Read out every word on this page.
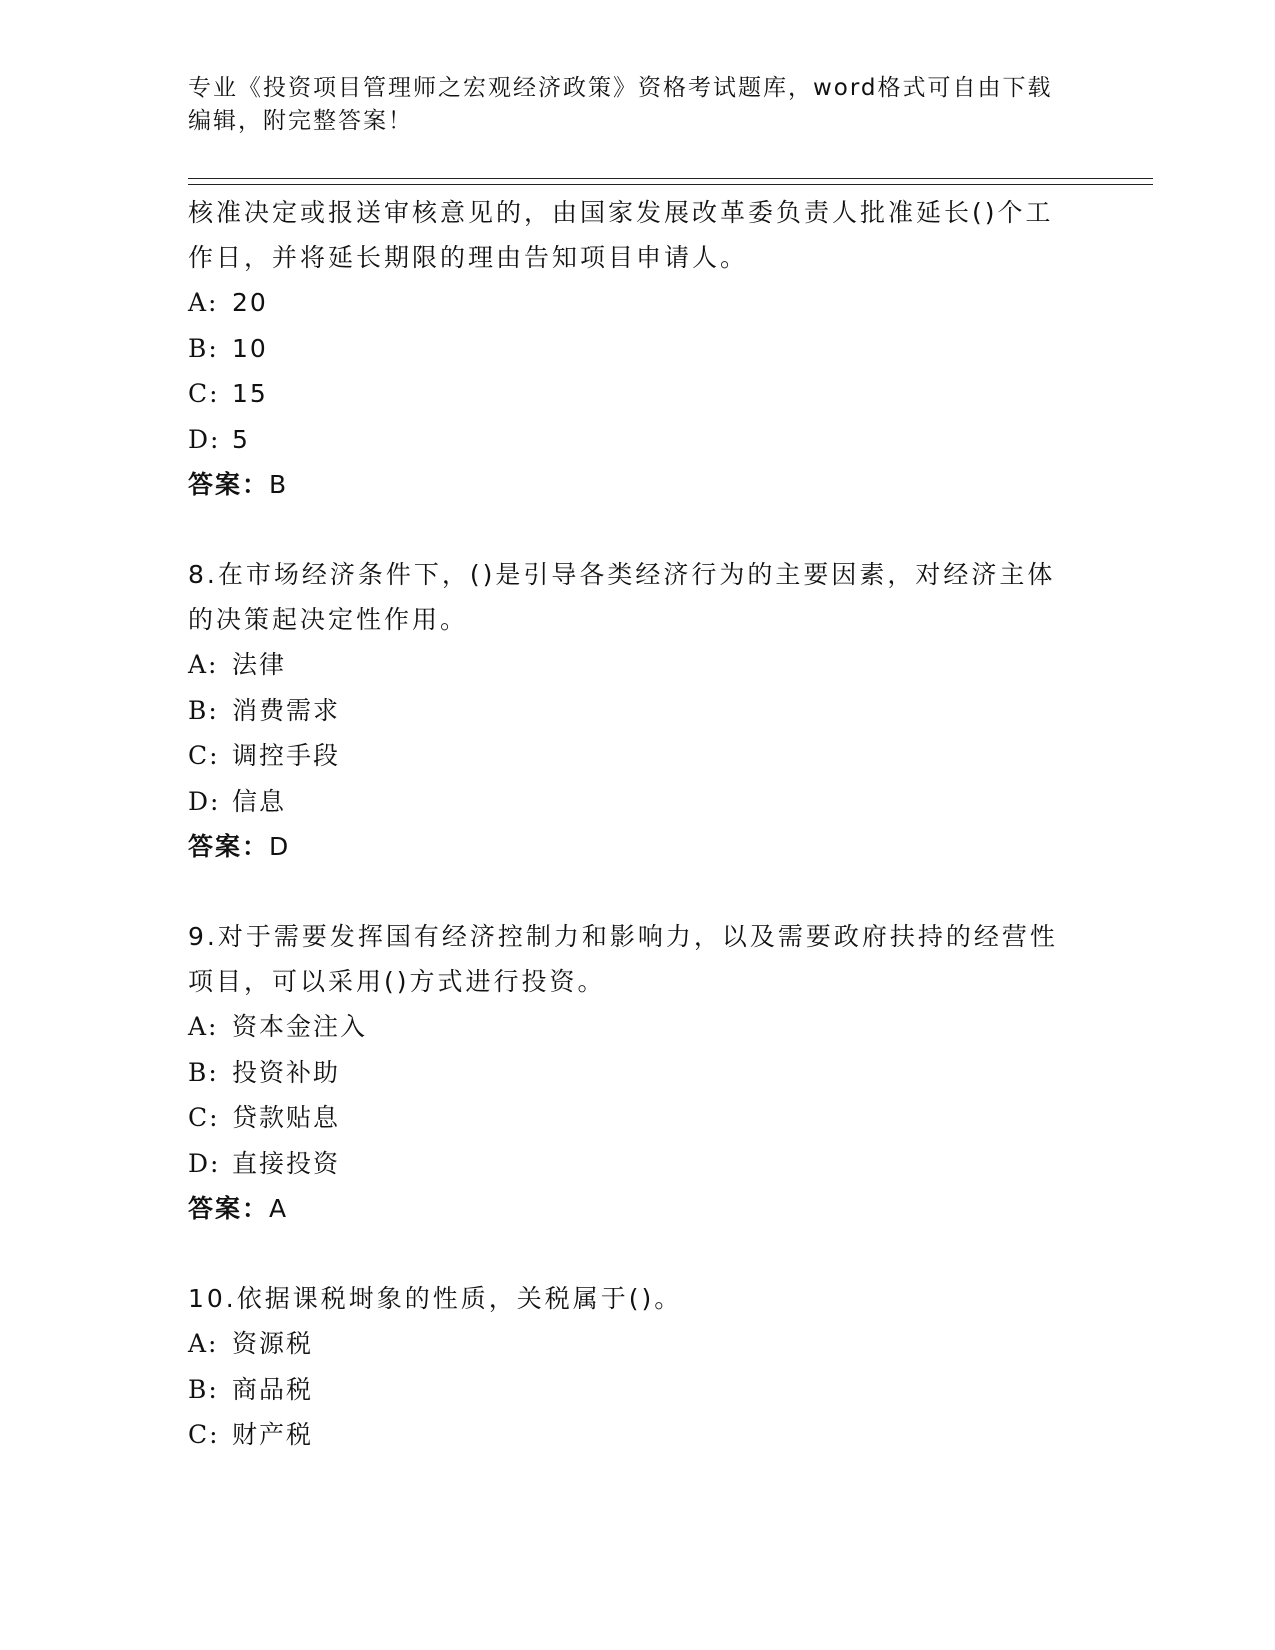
专业《投资项目管理师之宏观经济政策》资格考试题库，word格式可自由下载编辑，附完整答案！

核准决定或报送审核意见的，由国家发展改革委负责人批准延长()个工作日，并将延长期限的理由告知项目申请人。

A: 20

B: 10

C: 15

D: 5

答案：B

8.在市场经济条件下，()是引导各类经济行为的主要因素，对经济主体的决策起决定性作用。

A: 法律

B: 消费需求

C: 调控手段

D: 信息

答案：D

9.对于需要发挥国有经济控制力和影响力，以及需要政府扶持的经营性项目，可以采用()方式进行投资。

A: 资本金注入

B: 投资补助

C: 贷款贴息

D: 直接投资

答案：A

10.依据课税埘象的性质，关税属于()。

A: 资源税

B: 商品税

C: 财产税
